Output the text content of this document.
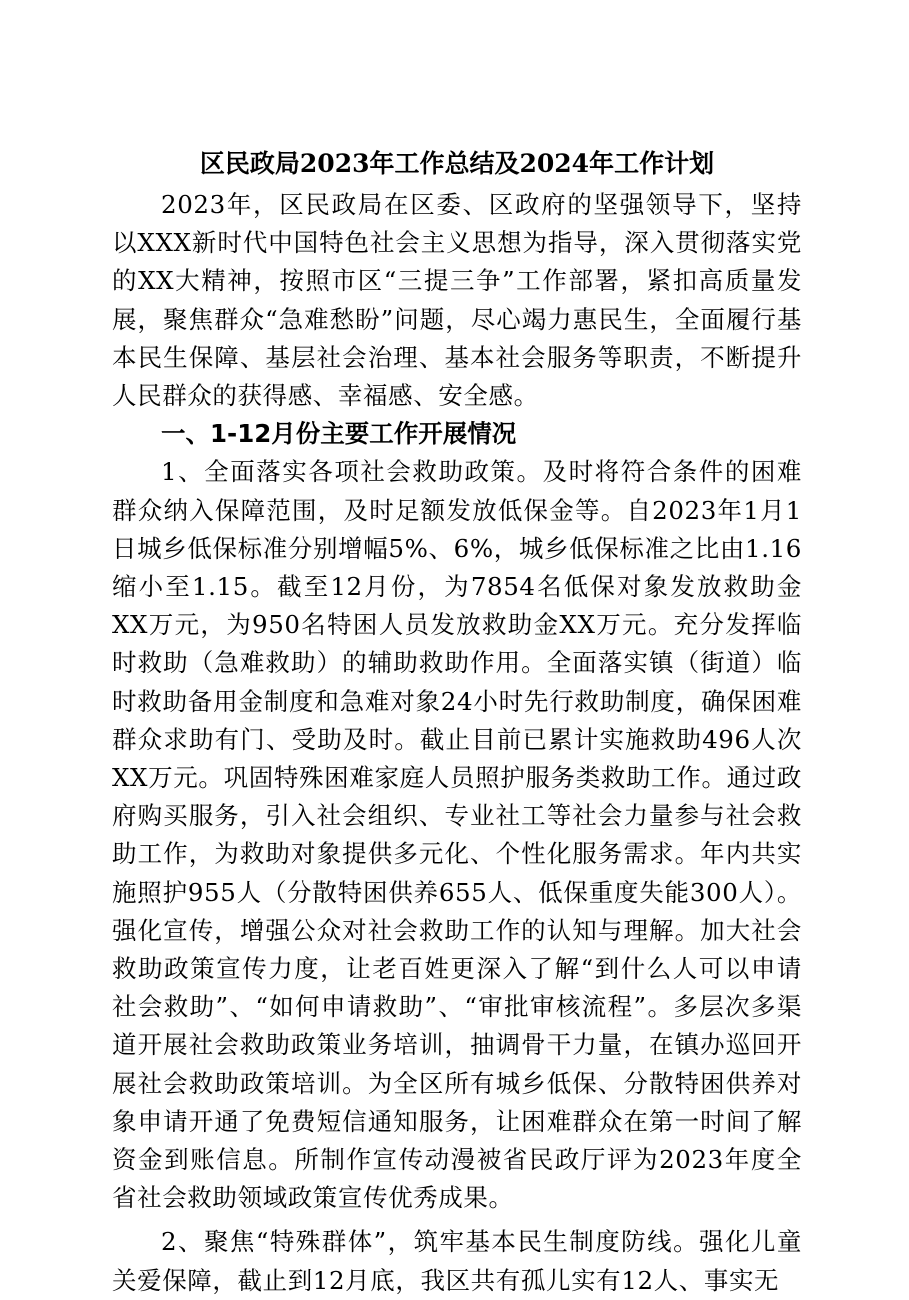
区民政局2023年工作总结及2024年工作计划

2023年，区民政局在区委、区政府的坚强领导下，坚持以XXX新时代中国特色社会主义思想为指导，深入贯彻落实党的XX大精神，按照市区“三提三争”工作部署，紧扣高质量发展，聚焦群众“急难愁盼”问题，尽心竭力惠民生，全面履行基本民生保障、基层社会治理、基本社会服务等职责，不断提升人民群众的获得感、幸福感、安全感。

一、1-12月份主要工作开展情况

1、全面落实各项社会救助政策。及时将符合条件的困难群众纳入保障范围，及时足额发放低保金等。自2023年1月1日城乡低保标准分别增幅5%、6%，城乡低保标准之比由1.16缩小至1.15。截至12月份，为7854名低保对象发放救助金XX万元，为950名特困人员发放救助金XX万元。充分发挥临时救助（急难救助）的辅助救助作用。全面落实镇（街道）临时救助备用金制度和急难对象24小时先行救助制度，确保困难群众求助有门、受助及时。截止目前已累计实施救助496人次XX万元。巩固特殊困难家庭人员照护服务类救助工作。通过政府购买服务，引入社会组织、专业社工等社会力量参与社会救助工作，为救助对象提供多元化、个性化服务需求。年内共实施照护955人（分散特困供养655人、低保重度失能300人）。强化宣传，增强公众对社会救助工作的认知与理解。加大社会救助政策宣传力度，让老百姓更深入了解“到什么人可以申请社会救助”、“如何申请救助”、“审批审核流程”。多层次多渠道开展社会救助政策业务培训，抽调骨干力量，在镇办巡回开展社会救助政策培训。为全区所有城乡低保、分散特困供养对象申请开通了免费短信通知服务，让困难群众在第一时间了解资金到账信息。所制作宣传动漫被省民政厅评为2023年度全省社会救助领域政策宣传优秀成果。

2、聚焦“特殊群体”，筑牢基本民生制度防线。强化儿童关爱保障，截止到12月底，我区共有孤儿实有12人、事实无
